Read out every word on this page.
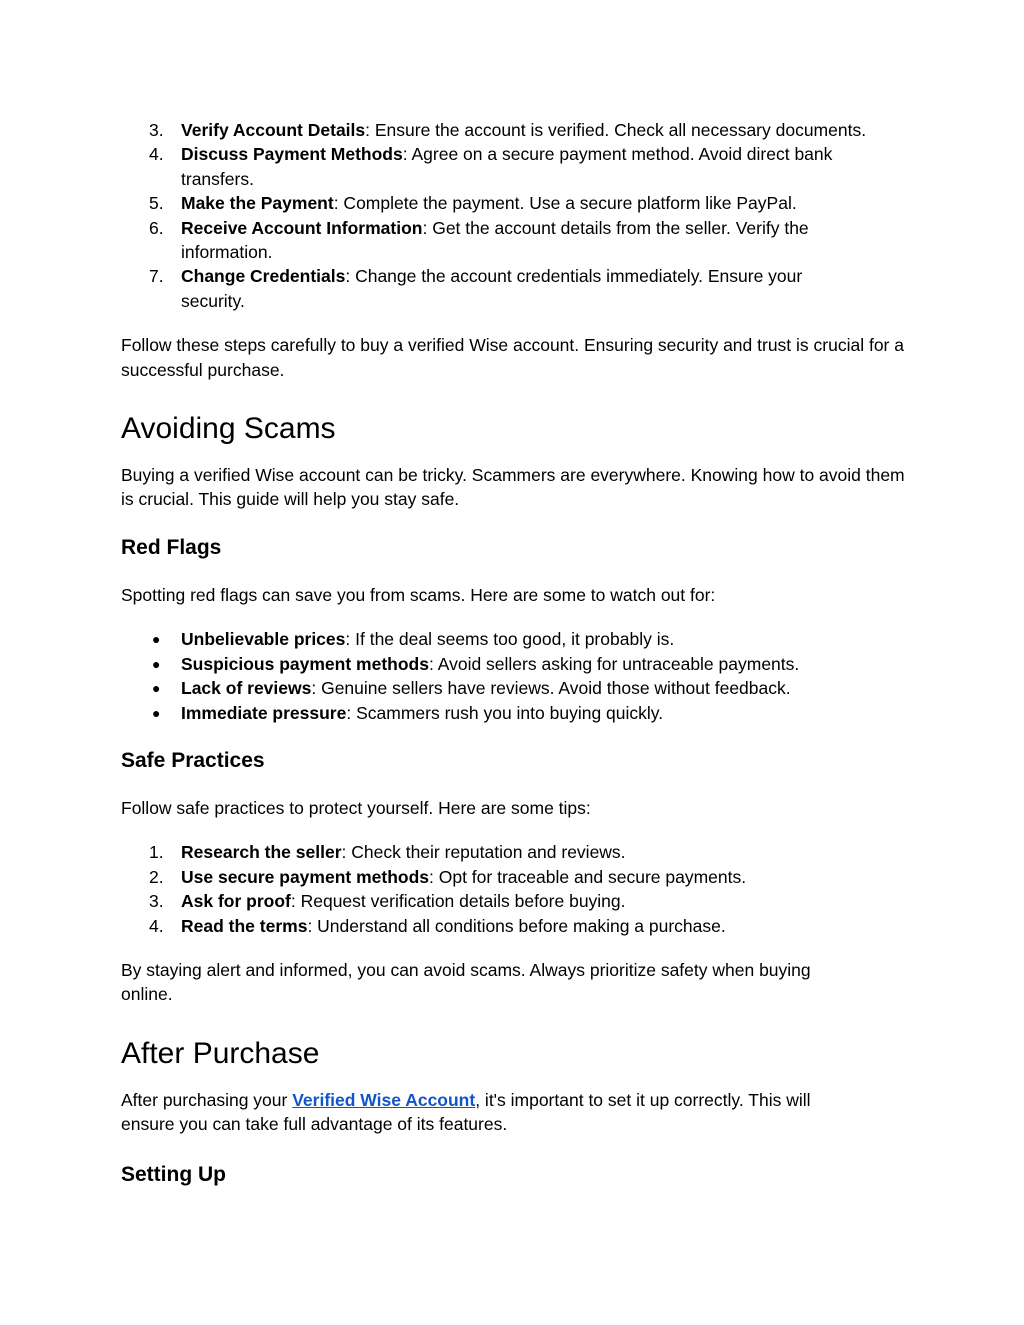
3. Verify Account Details: Ensure the account is verified. Check all necessary documents.
4. Discuss Payment Methods: Agree on a secure payment method. Avoid direct bank transfers.
5. Make the Payment: Complete the payment. Use a secure platform like PayPal.
6. Receive Account Information: Get the account details from the seller. Verify the information.
7. Change Credentials: Change the account credentials immediately. Ensure your security.

Follow these steps carefully to buy a verified Wise account. Ensuring security and trust is crucial for a successful purchase.

Avoiding Scams

Buying a verified Wise account can be tricky. Scammers are everywhere. Knowing how to avoid them is crucial. This guide will help you stay safe.

Red Flags

Spotting red flags can save you from scams. Here are some to watch out for:

● Unbelievable prices: If the deal seems too good, it probably is.
● Suspicious payment methods: Avoid sellers asking for untraceable payments.
● Lack of reviews: Genuine sellers have reviews. Avoid those without feedback.
● Immediate pressure: Scammers rush you into buying quickly.
Safe Practices

Follow safe practices to protect yourself. Here are some tips:

1. Research the seller: Check their reputation and reviews.
2. Use secure payment methods: Opt for traceable and secure payments.
3. Ask for proof: Request verification details before buying.
4. Read the terms: Understand all conditions before making a purchase.

By staying alert and informed, you can avoid scams. Always prioritize safety when buying online.

After Purchase

After purchasing your Verified Wise Account, it's important to set it up correctly. This will ensure you can take full advantage of its features.

Setting Up
